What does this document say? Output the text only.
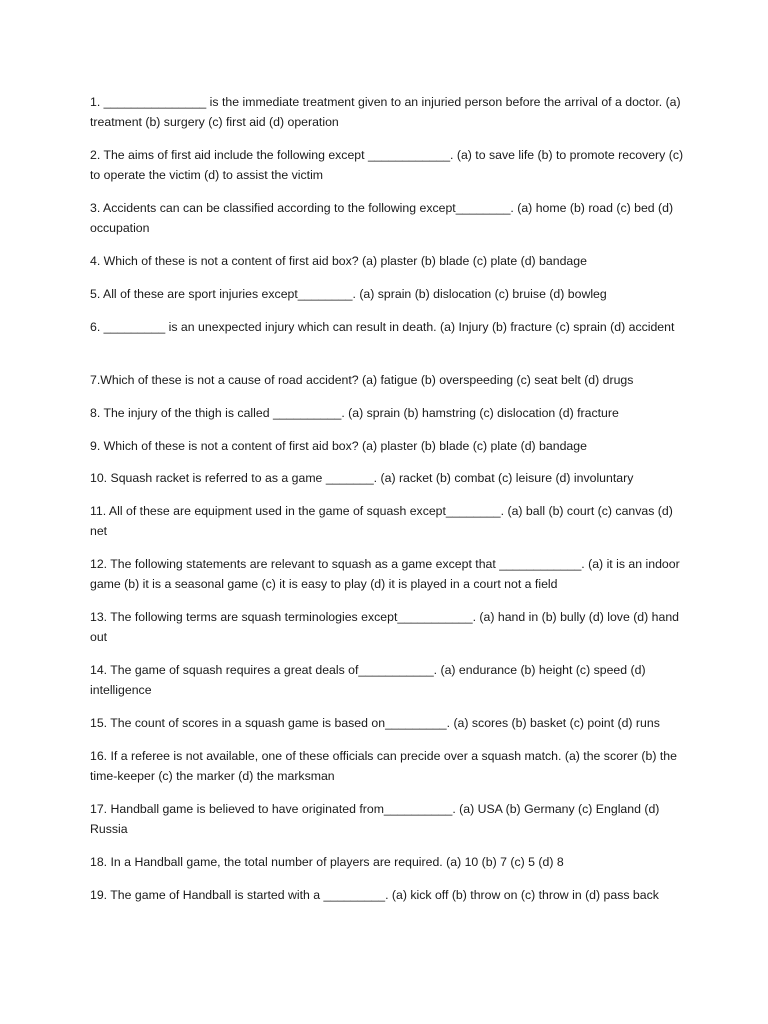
1. _______________ is the immediate treatment given to an injuried person before the arrival of a doctor. (a) treatment (b) surgery (c) first aid (d) operation

2. The aims of first aid include the following except ____________. (a) to save life (b) to promote recovery (c) to operate the victim (d) to assist the victim

3. Accidents can can be classified according to the following except________. (a) home (b) road (c) bed (d) occupation

4. Which of these is not a content of first aid box? (a) plaster (b) blade (c) plate (d) bandage

5. All of these are sport injuries except________. (a) sprain (b) dislocation (c) bruise (d) bowleg

6. _________ is an unexpected injury which can result in death. (a) Injury (b) fracture (c) sprain (d) accident

7.Which of these is not a cause of road accident? (a) fatigue (b) overspeeding (c) seat belt (d) drugs

8. The injury of the thigh is called __________. (a) sprain (b) hamstring (c) dislocation (d) fracture

9. Which of these is not a content of first aid box? (a) plaster (b) blade (c) plate (d) bandage

10. Squash racket is referred to as a game _______. (a) racket (b) combat (c) leisure (d) involuntary

11. All of these are equipment used in the game of squash except________. (a) ball (b) court (c) canvas (d) net

12. The following statements are relevant to squash as a game except that ____________. (a) it is an indoor game (b) it is a seasonal game (c) it is easy to play (d) it is played in a court not a field

13. The following terms are squash terminologies except___________. (a) hand in (b) bully (d) love (d) hand out

14. The game of squash requires a great deals of___________. (a) endurance (b) height (c) speed (d) intelligence

15. The count of scores in a squash game is based on_________. (a) scores (b) basket (c) point (d) runs

16. If a referee is not available, one of these officials can precide over a squash match. (a) the scorer (b) the time-keeper (c) the marker (d) the marksman

17. Handball game is believed to have originated from__________. (a) USA (b) Germany (c) England (d) Russia

18. In a Handball game, the total number of players are required. (a) 10 (b) 7 (c) 5 (d) 8

19. The game of Handball is started with a _________. (a) kick off (b) throw on (c) throw in (d) pass back
